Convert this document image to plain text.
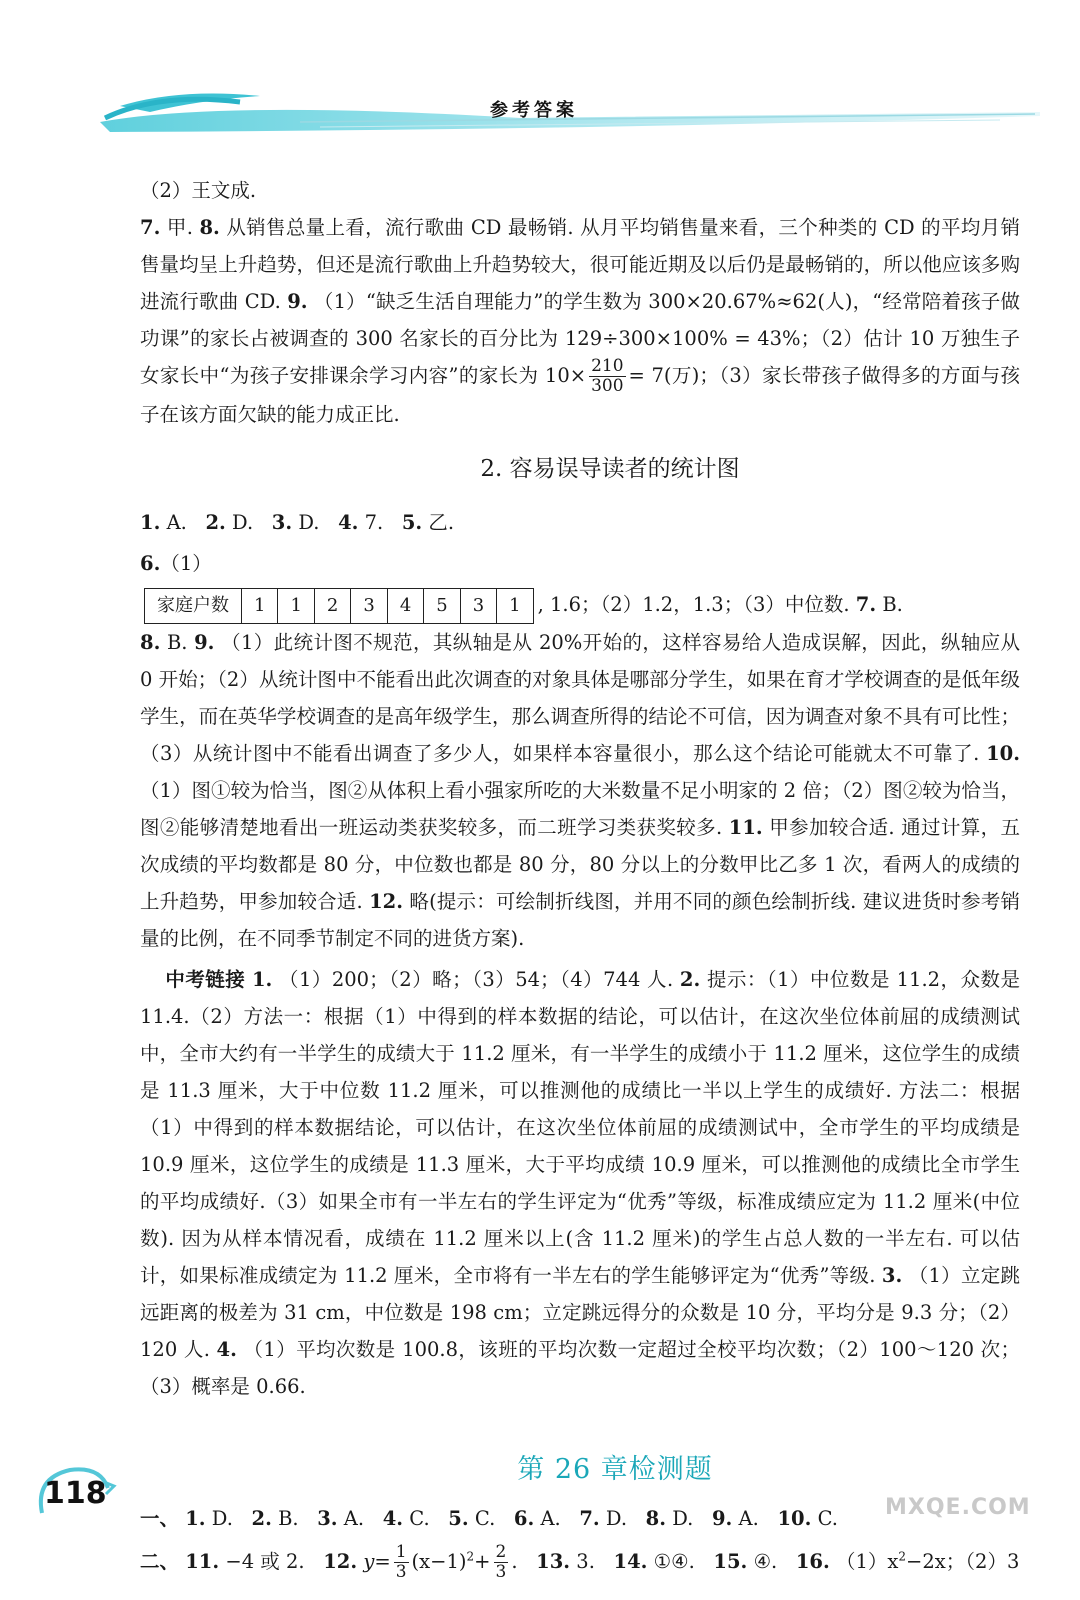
参考答案

（2）王文成.

7. 甲. 8. 从销售总量上看，流行歌曲 CD 最畅销. 从月平均销售量来看，三个种类的 CD 的平均月销售量均呈上升趋势，但还是流行歌曲上升趋势较大，很可能近期及以后仍是最畅销的，所以他应该多购进流行歌曲 CD. 9. （1）“缺乏生活自理能力”的学生数为 300×20.67%≈62(人)，“经常陪着孩子做功课”的家长占被调查的 300 名家长的百分比为 129÷300×100% = 43%；（2）估计 10 万独生子女家长中“为孩子安排课余学习内容”的家长为 $10\times \frac{210}{300} = 7$(万)；（3）家长带孩子做得多的方面与孩子在该方面欠缺的能力成正比.

2. 容易误导读者的统计图

1. A. 2. D. 3. D. 4. 7. 5. 乙.

6.（1）

家庭户数	1	1	2	3	4	5	3	1 , 1.6；（2）1.2，1.3；（3）中位数. 7. B.

8. B. 9. （1）此统计图不规范，其纵轴是从 20%开始的，这样容易给人造成误解，因此，纵轴应从 0 开始；（2）从统计图中不能看出此次调查的对象具体是哪部分学生，如果在育才学校调查的是低年级学生，而在英华学校调查的是高年级学生，那么调查所得的结论不可信，因为调查对象不具有可比性；（3）从统计图中不能看出调查了多少人，如果样本容量很小，那么这个结论可能就太不可靠了. 10. （1）图①较为恰当，图②从体积上看小强家所吃的大米数量不足小明家的 2 倍；（2）图②较为恰当，图②能够清楚地看出一班运动类获奖较多，而二班学习类获奖较多. 11. 甲参加较合适. 通过计算，五次成绩的平均数都是 80 分，中位数也都是 80 分，80 分以上的分数甲比乙多 1 次，看两人的成绩的上升趋势，甲参加较合适. 12. 略(提示：可绘制折线图，并用不同的颜色绘制折线. 建议进货时参考销量的比例，在不同季节制定不同的进货方案).

中考链接 1. （1）200；（2）略；（3）54；（4）744 人. 2. 提示：（1）中位数是 11.2，众数是 11.4.（2）方法一：根据（1）中得到的样本数据的结论，可以估计，在这次坐位体前屈的成绩测试中，全市大约有一半学生的成绩大于 11.2 厘米，有一半学生的成绩小于 11.2 厘米，这位学生的成绩是 11.3 厘米，大于中位数 11.2 厘米，可以推测他的成绩比一半以上学生的成绩好. 方法二：根据（1）中得到的样本数据结论，可以估计，在这次坐位体前屈的成绩测试中，全市学生的平均成绩是 10.9 厘米，这位学生的成绩是 11.3 厘米，大于平均成绩 10.9 厘米，可以推测他的成绩比全市学生的平均成绩好.（3）如果全市有一半左右的学生评定为“优秀”等级，标准成绩应定为 11.2 厘米(中位数). 因为从样本情况看，成绩在 11.2 厘米以上(含 11.2 厘米)的学生占总人数的一半左右. 可以估计，如果标准成绩定为 11.2 厘米，全市将有一半左右的学生能够评定为“优秀”等级. 3. （1）立定跳远距离的极差为 31 cm，中位数是 198 cm；立定跳远得分的众数是 10 分，平均分是 9.3 分；（2）120 人. 4. （1）平均次数是 100.8，该班的平均次数一定超过全校平均次数；（2）100～120 次；（3）概率是 0.66.

第 26 章检测题

一、 1. D. 2. B. 3. A. 4. C. 5. C. 6. A. 7. D. 8. D. 9. A. 10. C.

二、 11. −4 或 2. 12. $y= \frac{1}{3} (x-1)^2+ \frac{2}{3}$ . 13. 3. 14. ①④. 15. ④. 16. $(1)x^2-2x$；（2）3

118	MXQE.COM
